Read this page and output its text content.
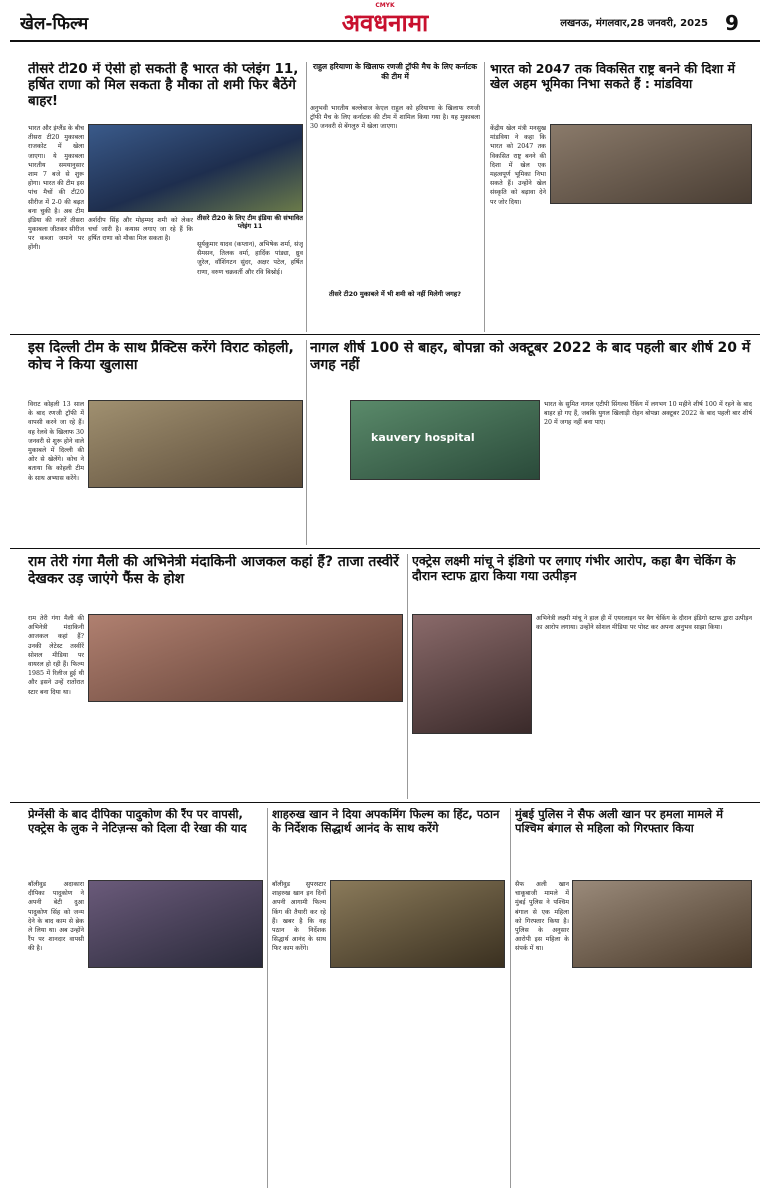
CMYK
खेल-फिल्म	अवधनामा	लखनऊ, मंगलवार,28 जनवरी, 2025 9
तीसरे टी20 में ऐसी हो सकती है भारत की प्लेइंग 11, हर्षित राणा को मिल सकता है मौका तो शमी फिर बैठेंगे बाहर!
भारत और इंग्लैंड के बीच तीसरा टी20 मुकाबला राजकोट में खेला जाएगा। ये मुकाबला भारतीय समयानुसार शाम 7 बजे से शुरू होगा। भारत की टीम इस पांच मैचों की टी20 सीरीज में 2-0 की बढ़त बना चुकी है। अब टीम इंडिया की नजरें तीसरा मुकाबला जीतकर सीरीज पर कब्जा जमाने पर होंगी।
अर्शदीप सिंह और मोहम्मद शमी को लेकर चर्चा जारी है। कयास लगाए जा रहे हैं कि हर्षित राणा को मौका मिल सकता है।
तीसरे टी20 के लिए टीम इंडिया की संभावित प्लेइंग 11
सूर्यकुमार यादव (कप्तान), अभिषेक शर्मा, संजू सैमसन, तिलक वर्मा, हार्दिक पांड्या, ध्रुव जुरेल, वॉशिंगटन सुंदर, अक्षर पटेल, हर्षित राणा, वरुण चक्रवर्ती और रवि बिश्नोई।
राहुल हरियाणा के खिलाफ रणजी ट्रॉफी मैच के लिए कर्नाटक की टीम में
अनुभवी भारतीय बल्लेबाज केएल राहुल को हरियाणा के खिलाफ रणजी ट्रॉफी मैच के लिए कर्नाटक की टीम में शामिल किया गया है। यह मुकाबला 30 जनवरी से बेंगलुरु में खेला जाएगा।
तीसरे टी20 मुकाबले में भी शमी को नहीं मिलेगी जगह?
भारत को 2047 तक विकसित राष्ट्र बनने की दिशा में खेल अहम भूमिका निभा सकते हैं : मांडविया
केंद्रीय खेल मंत्री मनसुख मांडविया ने कहा कि भारत को 2047 तक विकसित राष्ट्र बनने की दिशा में खेल एक महत्वपूर्ण भूमिका निभा सकते हैं। उन्होंने खेल संस्कृति को बढ़ावा देने पर जोर दिया।
इस दिल्ली टीम के साथ प्रैक्टिस करेंगे विराट कोहली, कोच ने किया खुलासा
विराट कोहली 13 साल के बाद रणजी ट्रॉफी में वापसी करने जा रहे हैं। वह रेलवे के खिलाफ 30 जनवरी से शुरू होने वाले मुकाबले में दिल्ली की ओर से खेलेंगे। कोच ने बताया कि कोहली टीम के साथ अभ्यास करेंगे।
नागल शीर्ष 100 से बाहर, बोपन्ना को अक्टूबर 2022 के बाद पहली बार शीर्ष 20 में जगह नहीं
kauvery hospital
भारत के सुमित नागल एटीपी सिंगल्स रैंकिंग में लगभग 10 महीने शीर्ष 100 में रहने के बाद बाहर हो गए हैं, जबकि युगल खिलाड़ी रोहन बोपन्ना अक्टूबर 2022 के बाद पहली बार शीर्ष 20 में जगह नहीं बना पाए।
राम तेरी गंगा मैली की अभिनेत्री मंदाकिनी आजकल कहां हैं? ताजा तस्वीरें देखकर उड़ जाएंगे फैंस के होश
राम तेरी गंगा मैली की अभिनेत्री मंदाकिनी आजकल कहां हैं? उनकी लेटेस्ट तस्वीरें सोशल मीडिया पर वायरल हो रही हैं। फिल्म 1985 में रिलीज हुई थी और इसने उन्हें रातोंरात स्टार बना दिया था।
एक्ट्रेस लक्ष्मी मांचू ने इंडिगो पर लगाए गंभीर आरोप, कहा बैग चेकिंग के दौरान स्टाफ द्वारा किया गया उत्पीड़न
अभिनेत्री लक्ष्मी मांचू ने हाल ही में एयरलाइन पर बैग चेकिंग के दौरान इंडिगो स्टाफ द्वारा उत्पीड़न का आरोप लगाया। उन्होंने सोशल मीडिया पर पोस्ट कर अपना अनुभव साझा किया।
प्रेग्नेंसी के बाद दीपिका पादुकोण की रैंप पर वापसी, एक्ट्रेस के लुक ने नेटिज़न्स को दिला दी रेखा की याद
बॉलीवुड अदाकारा दीपिका पादुकोण ने अपनी बेटी दुआ पादुकोण सिंह को जन्म देने के बाद काम से ब्रेक ले लिया था। अब उन्होंने रैंप पर शानदार वापसी की है।
शाहरुख खान ने दिया अपकमिंग फिल्म का हिंट, पठान के निर्देशक सिद्धार्थ आनंद के साथ करेंगे
बॉलीवुड सुपरस्टार शाहरुख खान इन दिनों अपनी आगामी फिल्म किंग की तैयारी कर रहे हैं। खबर है कि वह पठान के निर्देशक सिद्धार्थ आनंद के साथ फिर काम करेंगे।
मुंबई पुलिस ने सैफ अली खान पर हमला मामले में पश्चिम बंगाल से महिला को गिरफ्तार किया
सैफ अली खान चाकूबाजी मामले में मुंबई पुलिस ने पश्चिम बंगाल से एक महिला को गिरफ्तार किया है। पुलिस के अनुसार आरोपी इस महिला के संपर्क में था।
